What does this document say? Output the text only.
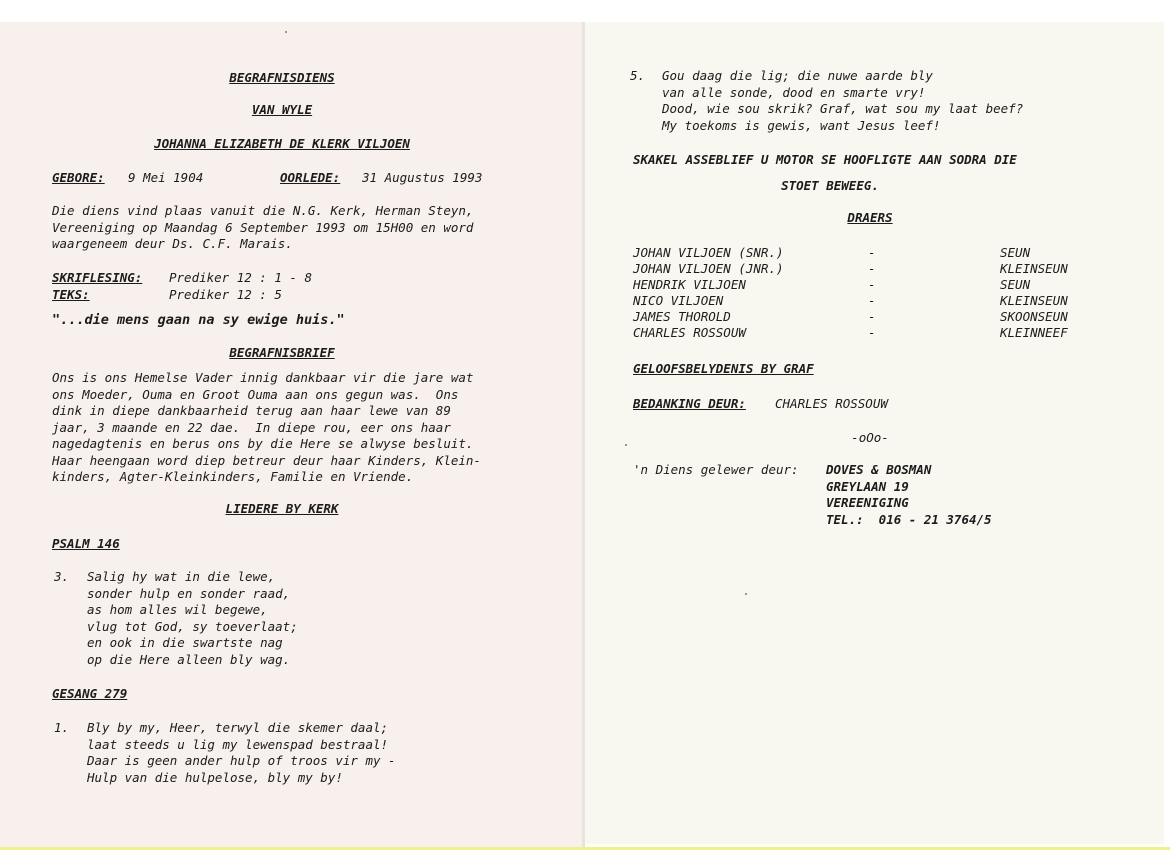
BEGRAFNISDIENS
VAN WYLE
JOHANNA ELIZABETH DE KLERK VILJOEN
GEBORE: 9 Mei 1904	OORLEDE: 31 Augustus 1993
Die diens vind plaas vanuit die N.G. Kerk, Herman Steyn,
Vereeniging op Maandag 6 September 1993 om 15H00 en word
waargeneem deur Ds. C.F. Marais.
SKRIFLESING: Prediker 12 : 1 - 8
TEKS:	Prediker 12 : 5
"...die mens gaan na sy ewige huis."
BEGRAFNISBRIEF
Ons is ons Hemelse Vader innig dankbaar vir die jare wat
ons Moeder, Ouma en Groot Ouma aan ons gegun was.  Ons
dink in diepe dankbaarheid terug aan haar lewe van 89
jaar, 3 maande en 22 dae.  In diepe rou, eer ons haar
nagedagtenis en berus ons by die Here se alwyse besluit.
Haar heengaan word diep betreur deur haar Kinders, Klein-
kinders, Agter-Kleinkinders, Familie en Vriende.
LIEDERE BY KERK
PSALM 146
3. Salig hy wat in die lewe,
sonder hulp en sonder raad,
as hom alles wil begewe,
vlug tot God, sy toeverlaat;
en ook in die swartste nag
op die Here alleen bly wag.
GESANG 279
1. Bly by my, Heer, terwyl die skemer daal;
laat steeds u lig my lewenspad bestraal!
Daar is geen ander hulp of troos vir my -
Hulp van die hulpelose, bly my by!
5. Gou daag die lig; die nuwe aarde bly
van alle sonde, dood en smarte vry!
Dood, wie sou skrik? Graf, wat sou my laat beef?
My toekoms is gewis, want Jesus leef!
SKAKEL ASSEBLIEF U MOTOR SE HOOFLIGTE AAN SODRA DIE
STOET BEWEEG.
DRAERS
JOHAN VILJOEN (SNR.)	-	SEUN
JOHAN VILJOEN (JNR.)	-	KLEINSEUN
HENDRIK VILJOEN	-	SEUN
NICO VILJOEN	-	KLEINSEUN
JAMES THOROLD	-	SKOONSEUN
CHARLES ROSSOUW	-	KLEINNEEF
GELOOFSBELYDENIS BY GRAF
BEDANKING DEUR: CHARLES ROSSOUW
-oOo-
'n Diens gelewer deur: DOVES & BOSMAN
GREYLAAN 19
VEREENIGING
TEL.:  016 - 21 3764/5
